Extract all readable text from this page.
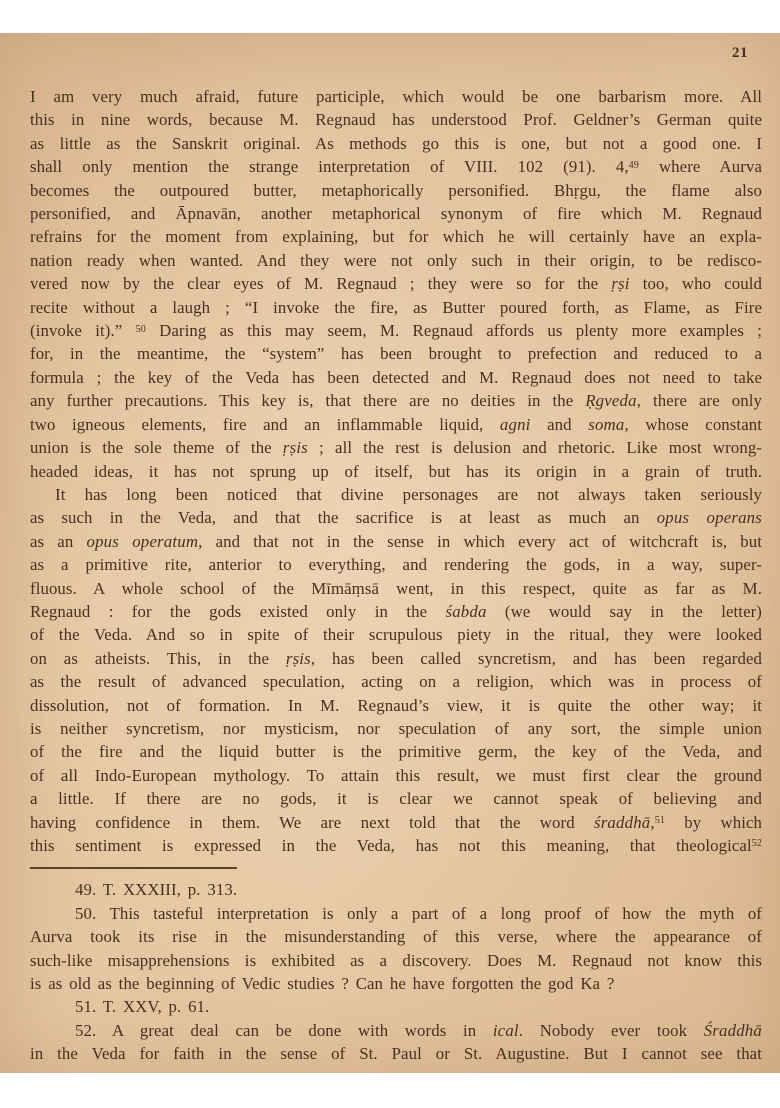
21
I am very much afraid, future participle, which would be one barbarism more. All
this in nine words, because M. Regnaud has understood Prof. Geldner’s German quite
as little as the Sanskrit original. As methods go this is one, but not a good one. I
shall only mention the strange interpretation of VIII. 102 (91). 4,49 where Aurva
becomes the outpoured butter, metaphorically personified. Bhṛgu, the flame also
personified, and Āpnavān, another metaphorical synonym of fire which M. Regnaud
refrains for the moment from explaining, but for which he will certainly have an expla-
nation ready when wanted. And they were not only such in their origin, to be redisco-
vered now by the clear eyes of M. Regnaud ; they were so for the ṛṣi too, who could
recite without a laugh ; “I invoke the fire, as Butter poured forth, as Flame, as Fire
(invoke it).” $^{50}$ Daring as this may seem, M. Regnaud affords us plenty more examples ;
for, in the meantime, the “system” has been brought to prefection and reduced to a
formula ; the key of the Veda has been detected and M. Regnaud does not need to take
any further precautions. This key is, that there are no deities in the Ṛgveda, there are only
two igneous elements, fire and an inflammable liquid, agni and soma, whose constant
union is the sole theme of the ṛṣis ; all the rest is delusion and rhetoric. Like most wrong-
headed ideas, it has not sprung up of itself, but has its origin in a grain of truth.
It has long been noticed that divine personages are not always taken seriously
as such in the Veda, and that the sacrifice is at least as much an opus operans
as an opus operatum, and that not in the sense in which every act of witchcraft is, but
as a primitive rite, anterior to everything, and rendering the gods, in a way, super-
fluous. A whole school of the Mīmāṃsā went, in this respect, quite as far as M.
Regnaud : for the gods existed only in the śabda (we would say in the letter)
of the Veda. And so in spite of their scrupulous piety in the ritual, they were looked
on as atheists. This, in the ṛṣis, has been called syncretism, and has been regarded
as the result of advanced speculation, acting on a religion, which was in process of
dissolution, not of formation. In M. Regnaud’s view, it is quite the other way; it
is neither syncretism, nor mysticism, nor speculation of any sort, the simple union
of the fire and the liquid butter is the primitive germ, the key of the Veda, and
of all Indo-European mythology. To attain this result, we must first clear the ground
a little. If there are no gods, it is clear we cannot speak of believing and
having confidence in them. We are next told that the word śraddhā,$^{51}$ by which
this sentiment is expressed in the Veda, has not this meaning, that theological$^{52}$
49. T. XXXIII, p. 313.
50. This tasteful interpretation is only a part of a long proof of how the myth of
Aurva took its rise in the misunderstanding of this verse, where the appearance of
such-like misapprehensions is exhibited as a discovery. Does M. Regnaud not know this
is as old as the beginning of Vedic studies ? Can he have forgotten the god Ka ?
51. T. XXV, p. 61.
52. A great deal can be done with words in ical. Nobody ever took Śraddhā
in the Veda for faith in the sense of St. Paul or St. Augustine. But I cannot see that
